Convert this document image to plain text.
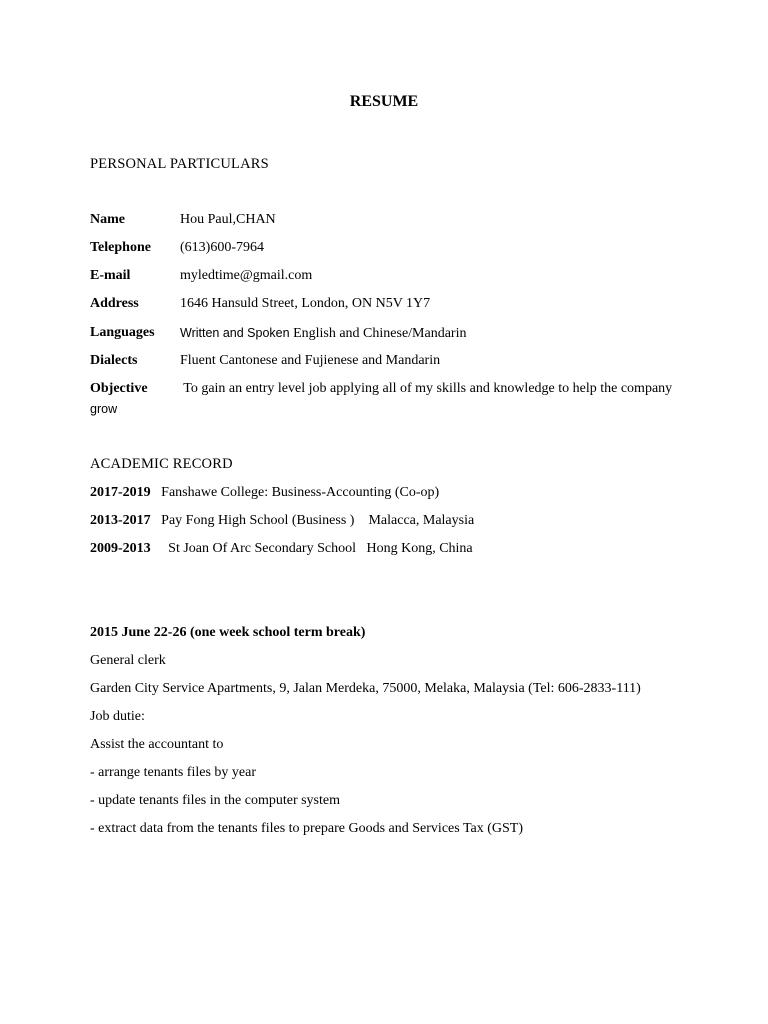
RESUME
PERSONAL PARTICULARS
Name	Hou Paul,CHAN
Telephone (613)600-7964
E-mail	myledtime@gmail.com
Address	1646 Hansuld Street, London, ON N5V 1Y7
Languages Written and Spoken English and Chinese/Mandarin
Dialects	Fluent Cantonese and Fujienese and Mandarin
Objective To gain an entry level job applying all of my skills and knowledge to help the company
grow
ACADEMIC RECORD
2017-2019   Fanshawe College: Business-Accounting (Co-op)
2013-2017   Pay Fong High School (Business )    Malacca, Malaysia
2009-2013     St Joan Of Arc Secondary School   Hong Kong, China
2015 June 22-26 (one week school term break)
General clerk
Garden City Service Apartments, 9, Jalan Merdeka, 75000, Melaka, Malaysia (Tel: 606-2833-111)
Job dutie:
Assist the accountant to
- arrange tenants files by year
- update tenants files in the computer system
- extract data from the tenants files to prepare Goods and Services Tax (GST)
